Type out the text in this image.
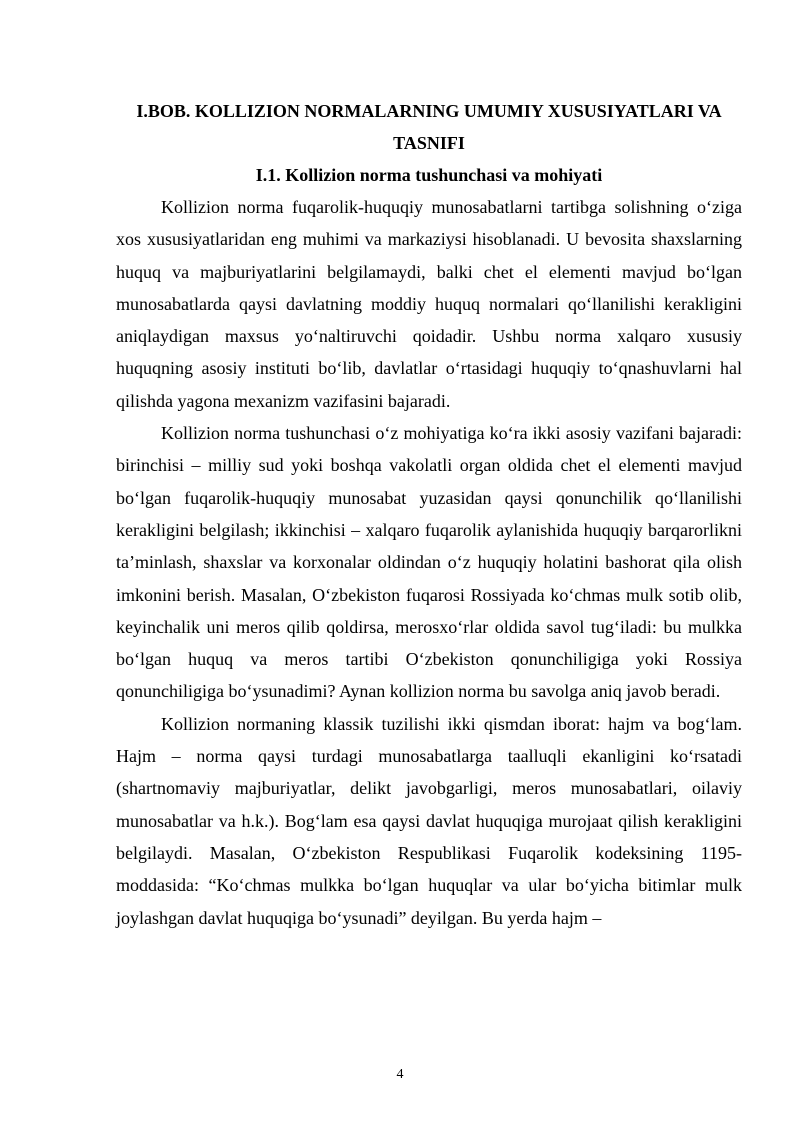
I.BOB. KOLLIZION NORMALARNING UMUMIY XUSUSIYATLARI VA TASNIFI
I.1. Kollizion norma tushunchasi va mohiyati

Kollizion norma fuqarolik-huquqiy munosabatlarni tartibga solishning o‘ziga xos xususiyatlaridan eng muhimi va markaziysi hisoblanadi. U bevosita shaxslarning huquq va majburiyatlarini belgilamaydi, balki chet el elementi mavjud bo‘lgan munosabatlarda qaysi davlatning moddiy huquq normalari qo‘llanilishi kerakligini aniqlaydigan maxsus yo‘naltiruvchi qoidadir. Ushbu norma xalqaro xususiy huquqning asosiy instituti bo‘lib, davlatlar o‘rtasidagi huquqiy to‘qnashuvlarni hal qilishda yagona mexanizm vazifasini bajaradi.

Kollizion norma tushunchasi o‘z mohiyatiga ko‘ra ikki asosiy vazifani bajaradi: birinchisi – milliy sud yoki boshqa vakolatli organ oldida chet el elementi mavjud bo‘lgan fuqarolik-huquqiy munosabat yuzasidan qaysi qonunchilik qo‘llanilishi kerakligini belgilash; ikkinchisi – xalqaro fuqarolik aylanishida huquqiy barqarorlikni ta’minlash, shaxslar va korxonalar oldindan o‘z huquqiy holatini bashorat qila olish imkonini berish. Masalan, O‘zbekiston fuqarosi Rossiyada ko‘chmas mulk sotib olib, keyinchalik uni meros qilib qoldirsa, merosxo‘rlar oldida savol tug‘iladi: bu mulkka bo‘lgan huquq va meros tartibi O‘zbekiston qonunchiligiga yoki Rossiya qonunchiligiga bo‘ysunadimi? Aynan kollizion norma bu savolga aniq javob beradi.

Kollizion normaning klassik tuzilishi ikki qismdan iborat: hajm va bog‘lam. Hajm – norma qaysi turdagi munosabatlarga taalluqli ekanligini ko‘rsatadi (shartnomaviy majburiyatlar, delikt javobgarligi, meros munosabatlari, oilaviy munosabatlar va h.k.). Bog‘lam esa qaysi davlat huquqiga murojaat qilish kerakligini belgilaydi. Masalan, O‘zbekiston Respublikasi Fuqarolik kodeksining 1195-moddasida: “Ko‘chmas mulkka bo‘lgan huquqlar va ular bo‘yicha bitimlar mulk joylashgan davlat huquqiga bo‘ysunadi” deyilgan. Bu yerda hajm –

4
